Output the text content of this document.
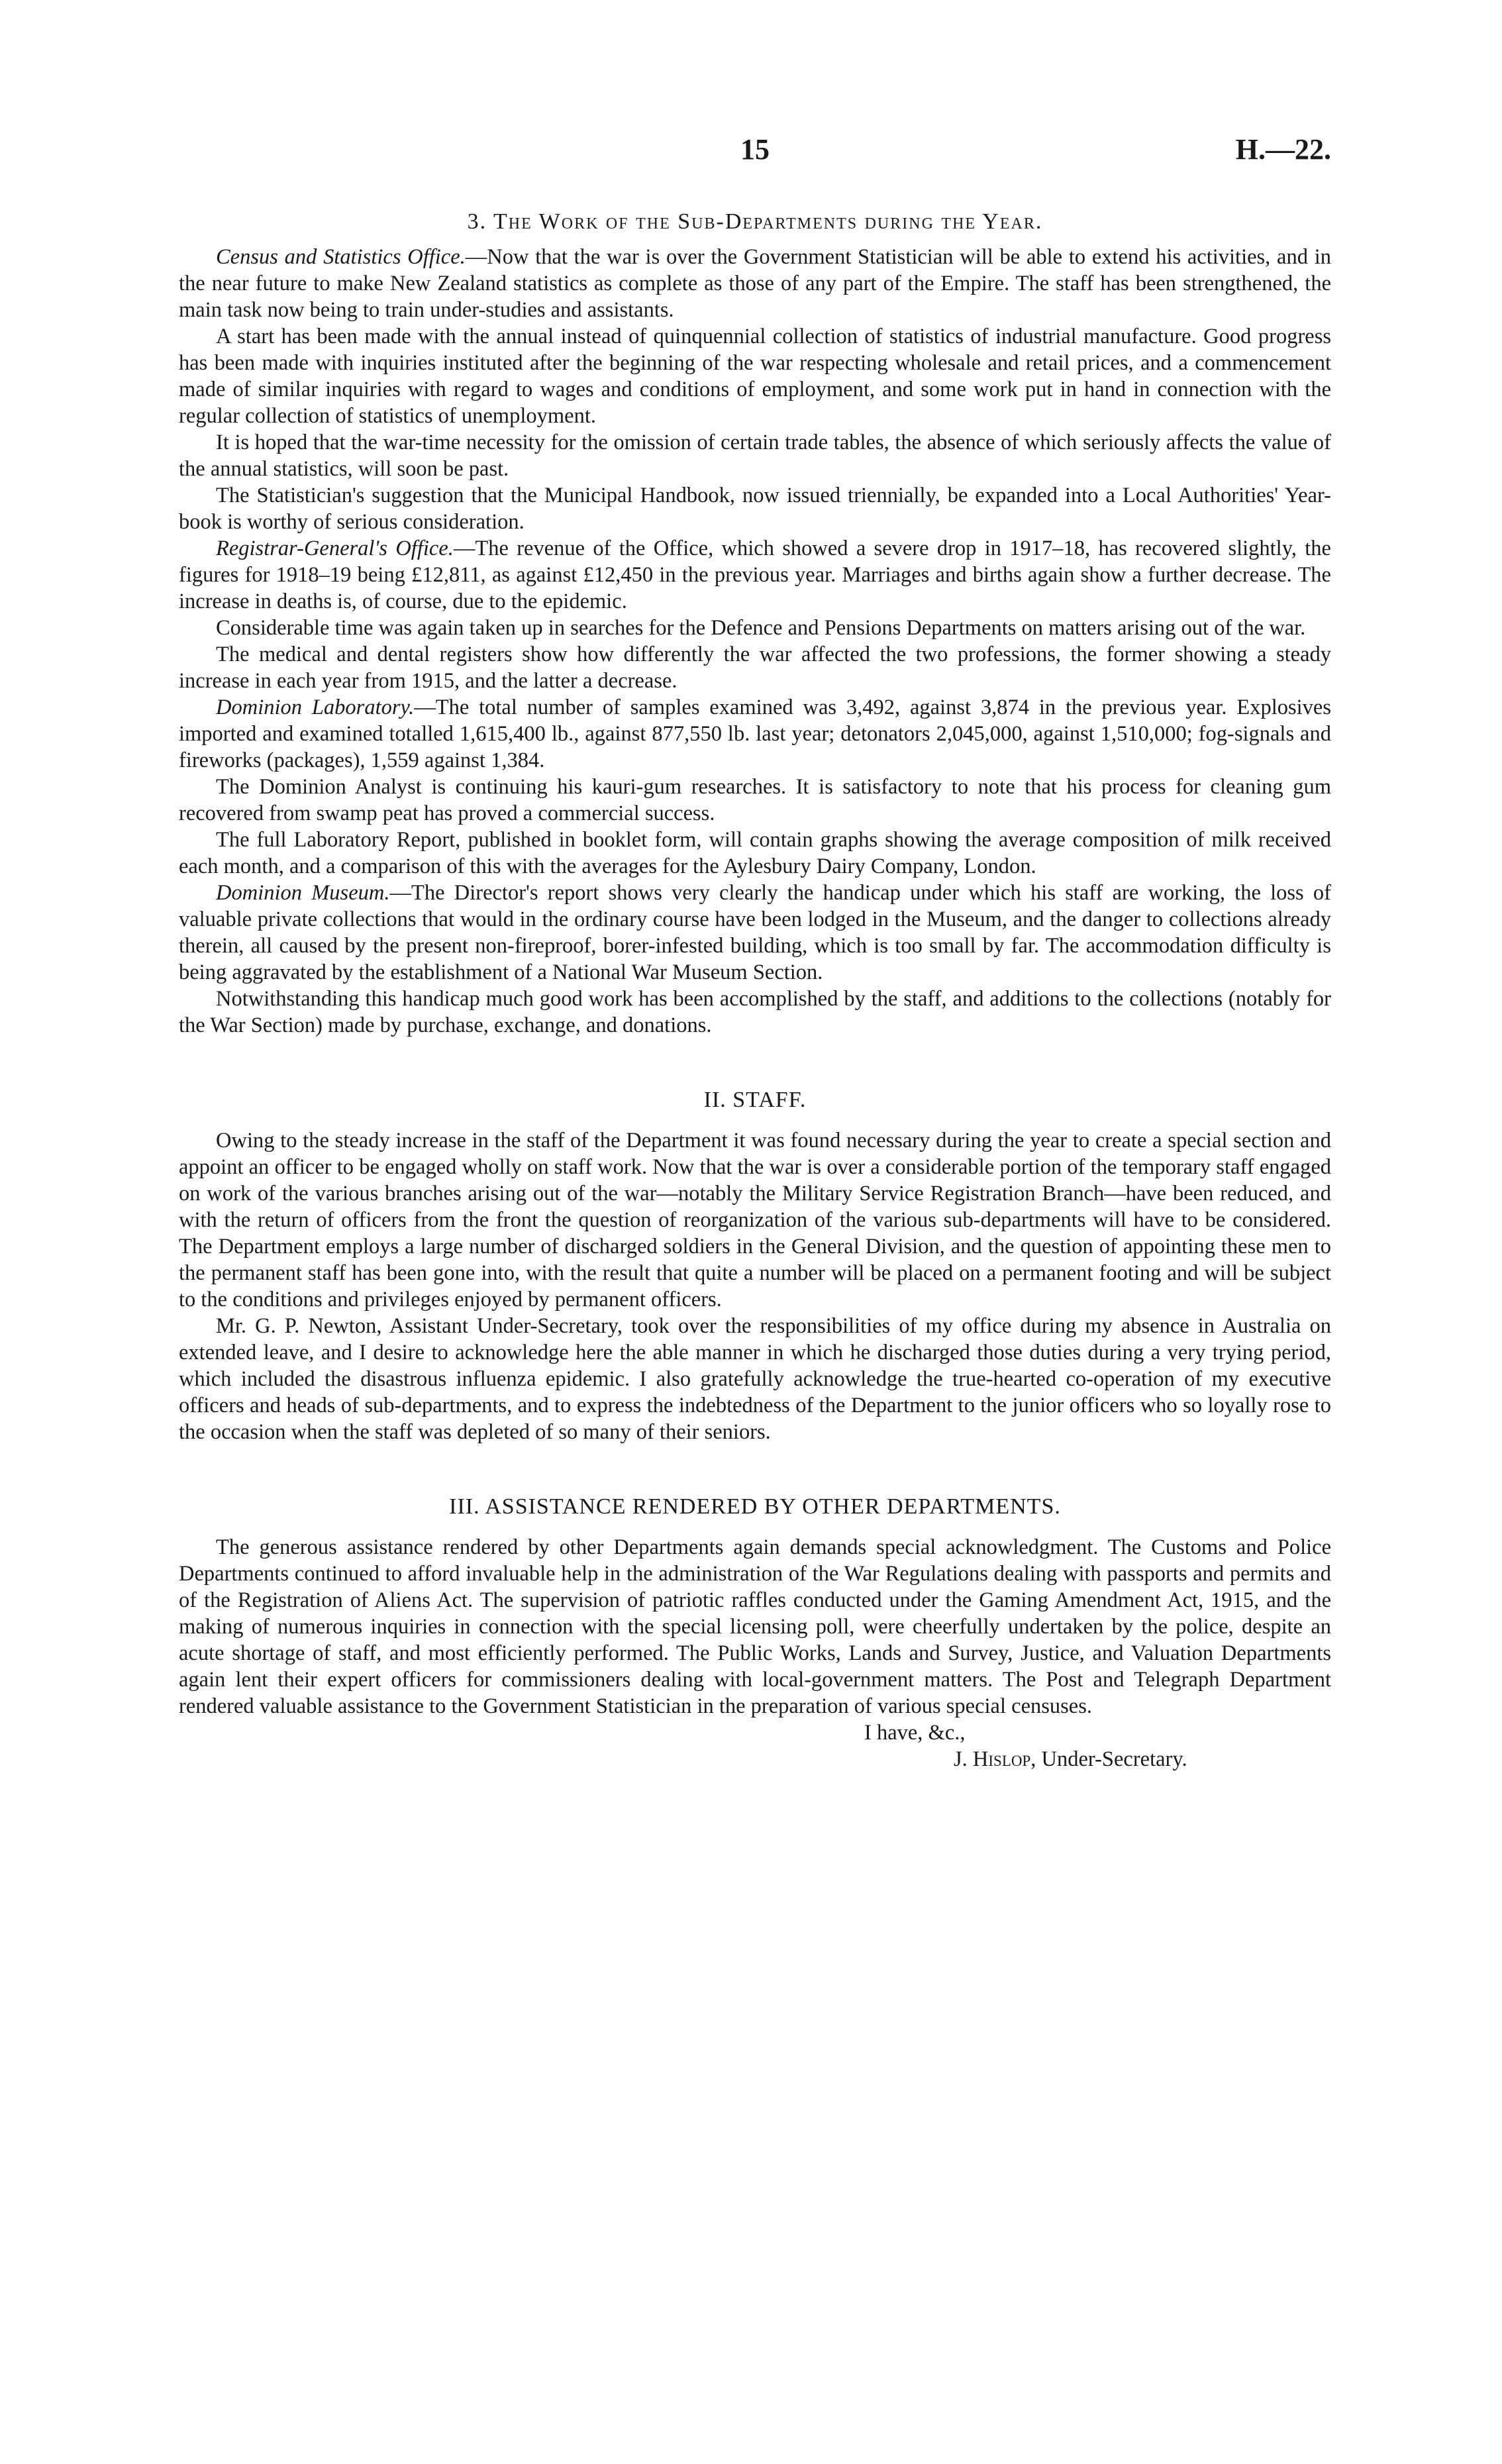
15	H.—22.
3. The Work of the Sub-Departments during the Year.

Census and Statistics Office.—Now that the war is over the Government Statistician will be able to extend his activities, and in the near future to make New Zealand statistics as complete as those of any part of the Empire. The staff has been strengthened, the main task now being to train under-studies and assistants.

A start has been made with the annual instead of quinquennial collection of statistics of industrial manufacture. Good progress has been made with inquiries instituted after the beginning of the war respecting wholesale and retail prices, and a commencement made of similar inquiries with regard to wages and conditions of employment, and some work put in hand in connection with the regular collection of statistics of unemployment.

It is hoped that the war-time necessity for the omission of certain trade tables, the absence of which seriously affects the value of the annual statistics, will soon be past.

The Statistician's suggestion that the Municipal Handbook, now issued triennially, be expanded into a Local Authorities' Year-book is worthy of serious consideration.

Registrar-General's Office.—The revenue of the Office, which showed a severe drop in 1917–18, has recovered slightly, the figures for 1918–19 being £12,811, as against £12,450 in the previous year. Marriages and births again show a further decrease. The increase in deaths is, of course, due to the epidemic.

Considerable time was again taken up in searches for the Defence and Pensions Departments on matters arising out of the war.

The medical and dental registers show how differently the war affected the two professions, the former showing a steady increase in each year from 1915, and the latter a decrease.

Dominion Laboratory.—The total number of samples examined was 3,492, against 3,874 in the previous year. Explosives imported and examined totalled 1,615,400 lb., against 877,550 lb. last year; detonators 2,045,000, against 1,510,000; fog-signals and fireworks (packages), 1,559 against 1,384.

The Dominion Analyst is continuing his kauri-gum researches. It is satisfactory to note that his process for cleaning gum recovered from swamp peat has proved a commercial success.

The full Laboratory Report, published in booklet form, will contain graphs showing the average composition of milk received each month, and a comparison of this with the averages for the Aylesbury Dairy Company, London.

Dominion Museum.—The Director's report shows very clearly the handicap under which his staff are working, the loss of valuable private collections that would in the ordinary course have been lodged in the Museum, and the danger to collections already therein, all caused by the present non-fireproof, borer-infested building, which is too small by far. The accommodation difficulty is being aggravated by the establishment of a National War Museum Section.

Notwithstanding this handicap much good work has been accomplished by the staff, and additions to the collections (notably for the War Section) made by purchase, exchange, and donations.

II. STAFF.

Owing to the steady increase in the staff of the Department it was found necessary during the year to create a special section and appoint an officer to be engaged wholly on staff work. Now that the war is over a considerable portion of the temporary staff engaged on work of the various branches arising out of the war—notably the Military Service Registration Branch—have been reduced, and with the return of officers from the front the question of reorganization of the various sub-departments will have to be considered. The Department employs a large number of discharged soldiers in the General Division, and the question of appointing these men to the permanent staff has been gone into, with the result that quite a number will be placed on a permanent footing and will be subject to the conditions and privileges enjoyed by permanent officers.

Mr. G. P. Newton, Assistant Under-Secretary, took over the responsibilities of my office during my absence in Australia on extended leave, and I desire to acknowledge here the able manner in which he discharged those duties during a very trying period, which included the disastrous influenza epidemic. I also gratefully acknowledge the true-hearted co-operation of my executive officers and heads of sub-departments, and to express the indebtedness of the Department to the junior officers who so loyally rose to the occasion when the staff was depleted of so many of their seniors.

III. ASSISTANCE RENDERED BY OTHER DEPARTMENTS.

The generous assistance rendered by other Departments again demands special acknowledgment. The Customs and Police Departments continued to afford invaluable help in the administration of the War Regulations dealing with passports and permits and of the Registration of Aliens Act. The supervision of patriotic raffles conducted under the Gaming Amendment Act, 1915, and the making of numerous inquiries in connection with the special licensing poll, were cheerfully undertaken by the police, despite an acute shortage of staff, and most efficiently performed. The Public Works, Lands and Survey, Justice, and Valuation Departments again lent their expert officers for commissioners dealing with local-government matters. The Post and Telegraph Department rendered valuable assistance to the Government Statistician in the preparation of various special censuses.

I have, &c.,
J. Hislop, Under-Secretary.
